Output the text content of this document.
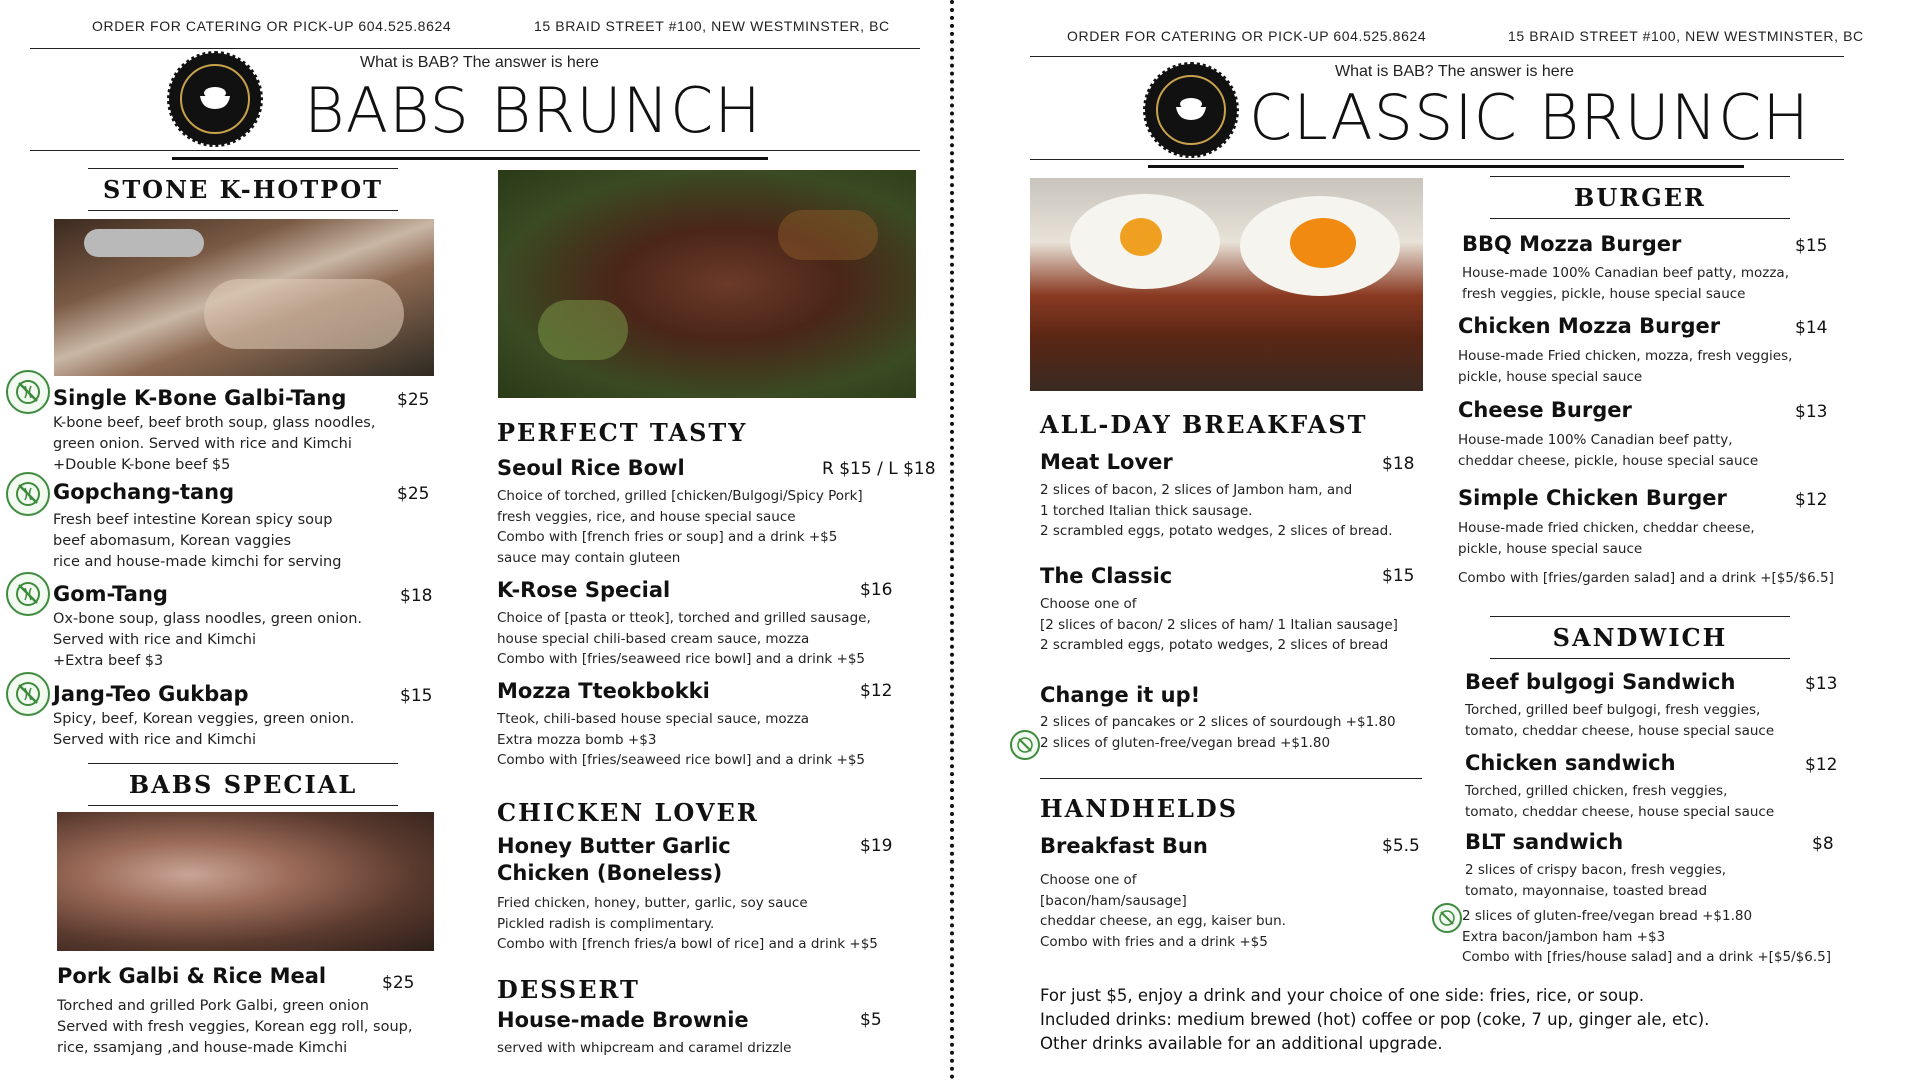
ORDER FOR CATERING OR PICK-UP 604.525.8624	15 BRAID STREET #100, NEW WESTMINSTER, BC
What is BAB? The answer is here
BABS BRUNCH
STONE K-HOTPOT
Single K-Bone Galbi-Tang	$25
K-bone beef, beef broth soup, glass noodles,
green onion. Served with rice and Kimchi
+Double K-bone beef $5
Gopchang-tang	$25
Fresh beef intestine Korean spicy soup
beef abomasum, Korean vaggies
rice and house-made kimchi for serving
Gom-Tang	$18
Ox-bone soup, glass noodles, green onion.
Served with rice and Kimchi
+Extra beef $3
Jang-Teo Gukbap	$15
Spicy, beef, Korean veggies, green onion.
Served with rice and Kimchi
BABS SPECIAL
Pork Galbi & Rice Meal	$25
Torched and grilled Pork Galbi, green onion
Served with fresh veggies, Korean egg roll, soup,
rice, ssamjang ,and house-made Kimchi
PERFECT TASTY
Seoul Rice Bowl	R $15 / L $18
Choice of torched, grilled [chicken/Bulgogi/Spicy Pork]
fresh veggies, rice, and house special sauce
Combo with [french fries or soup] and a drink +$5
sauce may contain gluteen
K-Rose Special	$16
Choice of [pasta or tteok], torched and grilled sausage,
house special chili-based cream sauce, mozza
Combo with [fries/seaweed rice bowl] and a drink +$5
Mozza Tteokbokki	$12
Tteok, chili-based house special sauce, mozza
Extra mozza bomb +$3
Combo with [fries/seaweed rice bowl] and a drink +$5
CHICKEN LOVER
Honey Butter Garlic
Chicken (Boneless)
$19
Fried chicken, honey, butter, garlic, soy sauce
Pickled radish is complimentary.
Combo with [french fries/a bowl of rice] and a drink +$5
DESSERT
House-made Brownie	$5
served with whipcream and caramel drizzle
ORDER FOR CATERING OR PICK-UP 604.525.8624	15 BRAID STREET #100, NEW WESTMINSTER, BC
What is BAB? The answer is here
CLASSIC BRUNCH
ALL-DAY BREAKFAST
Meat Lover	$18
2 slices of bacon, 2 slices of Jambon ham, and
1 torched Italian thick sausage.
2 scrambled eggs, potato wedges, 2 slices of bread.
The Classic	$15
Choose one of
[2 slices of bacon/ 2 slices of ham/ 1 Italian sausage]
2 scrambled eggs, potato wedges, 2 slices of bread
Change it up!
2 slices of pancakes or 2 slices of sourdough +$1.80
2 slices of gluten-free/vegan bread +$1.80
HANDHELDS
Breakfast Bun	$5.5
Choose one of
[bacon/ham/sausage]
cheddar cheese, an egg, kaiser bun.
Combo with fries and a drink +$5
BURGER
BBQ Mozza Burger	$15
House-made 100% Canadian beef patty, mozza,
fresh veggies, pickle, house special sauce
Chicken Mozza Burger	$14
House-made Fried chicken, mozza, fresh veggies,
pickle, house special sauce
Cheese Burger	$13
House-made 100% Canadian beef patty,
cheddar cheese, pickle, house special sauce
Simple Chicken Burger	$12
House-made fried chicken, cheddar cheese,
pickle, house special sauce
Combo with [fries/garden salad] and a drink +[$5/$6.5]
SANDWICH
Beef bulgogi Sandwich	$13
Torched, grilled beef bulgogi, fresh veggies,
tomato, cheddar cheese, house special sauce
Chicken sandwich	$12
Torched, grilled chicken, fresh veggies,
tomato, cheddar cheese, house special sauce
BLT sandwich	$8
2 slices of crispy bacon, fresh veggies,
tomato, mayonnaise, toasted bread
2 slices of gluten-free/vegan bread +$1.80
Extra bacon/jambon ham +$3
Combo with [fries/house salad] and a drink +[$5/$6.5]
For just $5, enjoy a drink and your choice of one side: fries, rice, or soup.
Included drinks: medium brewed (hot) coffee or pop (coke, 7 up, ginger ale, etc).
Other drinks available for an additional upgrade.
